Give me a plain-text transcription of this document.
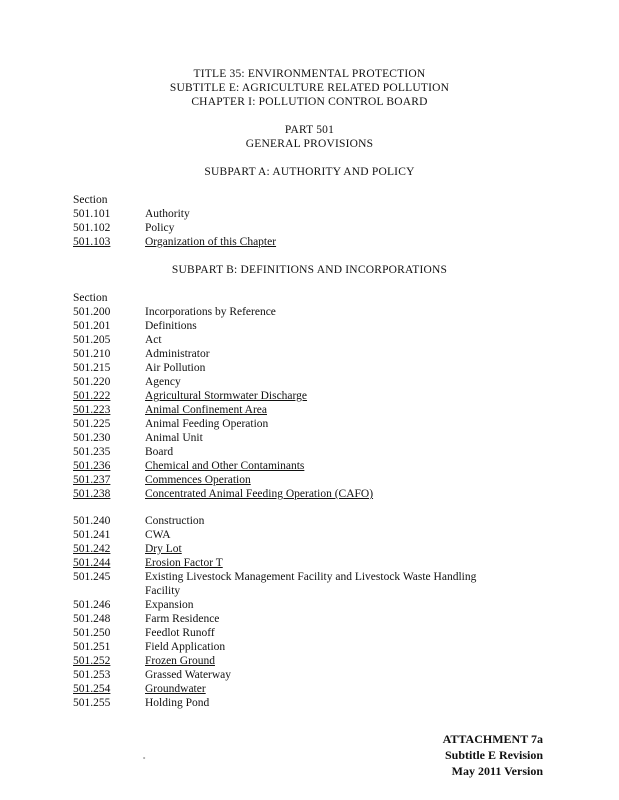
TITLE 35: ENVIRONMENTAL PROTECTION
SUBTITLE E: AGRICULTURE RELATED POLLUTION
CHAPTER I: POLLUTION CONTROL BOARD
PART 501
GENERAL PROVISIONS
SUBPART A: AUTHORITY AND POLICY
Section
501.101	Authority
501.102	Policy
501.103	Organization of this Chapter
SUBPART B: DEFINITIONS AND INCORPORATIONS
Section
501.200	Incorporations by Reference
501.201	Definitions
501.205	Act
501.210	Administrator
501.215	Air Pollution
501.220	Agency
501.222	Agricultural Stormwater Discharge
501.223	Animal Confinement Area
501.225	Animal Feeding Operation
501.230	Animal Unit
501.235	Board
501.236	Chemical and Other Contaminants
501.237	Commences Operation
501.238	Concentrated Animal Feeding Operation (CAFO)
501.240	Construction
501.241	CWA
501.242	Dry Lot
501.244	Erosion Factor T
501.245	Existing Livestock Management Facility and Livestock Waste Handling Facility
501.246	Expansion
501.248	Farm Residence
501.250	Feedlot Runoff
501.251	Field Application
501.252	Frozen Ground
501.253	Grassed Waterway
501.254	Groundwater
501.255	Holding Pond
°
ATTACHMENT 7a
Subtitle E Revision
May 2011 Version
